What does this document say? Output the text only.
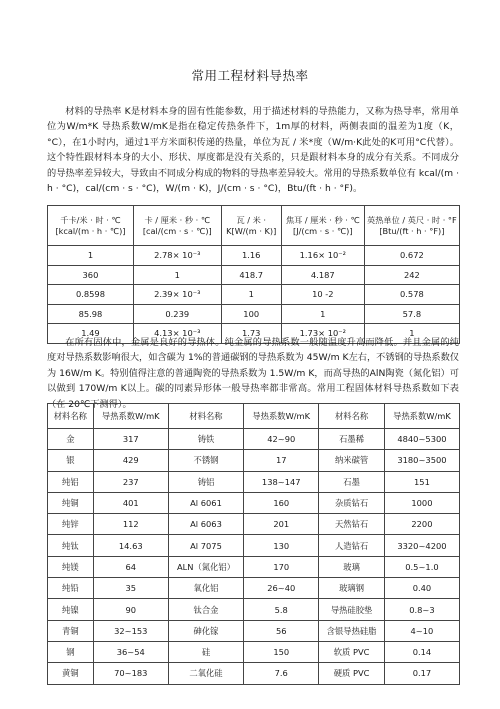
常用工程材料导热率

材料的导热率 K是材料本身的固有性能参数，用于描述材料的导热能力，又称为热导率，常用单位为W/m*K 导热系数W/mK是指在稳定传热条件下，1m厚的材料，两侧表面的温差为1度（K，°C），在1小时内，通过1平方米面积传递的热量，单位为瓦 / 米*度（W/m·K此处的K可用°C代替）。这个特性跟材料本身的大小、形状、厚度都是没有关系的，只是跟材料本身的成分有关系。不同成分的导热率差异较大，导致由不同成分构成的物料的导热率差异较大。常用的导热系数单位有 kcal/(m · h · °C)，cal/(cm · s · °C)，W/(m · K)，J/(cm · s · °C)，Btu/(ft · h · °F)。

千卡/米 · 时 · ℃ [kcal/(m · h · ℃)]	卡 / 厘米 · 秒 · ℃ [cal/(cm · s · ℃)]	瓦 / 米 · K[W/(m · K)]	焦耳 / 厘米 · 秒 · ℃ [J/(cm · s · ℃)]	英热单位 / 英尺 · 时 · °F [Btu/(ft · h · °F)]
1	2.78× 10⁻³	1.16	1.16× 10⁻²	0.672
360	1	418.7	4.187	242
0.8598	2.39× 10⁻³	1	10 -2	0.578
85.98	0.239	100	1	57.8
1.49	4.13× 10⁻³	1.73	1.73× 10⁻²	1

在所有固体中，金属是良好的导热体。纯金属的导热系数一般随温度升高而降低。并且金属的纯度对导热系数影响很大，如含碳为 1%的普通碳钢的导热系数为 45W/m K左右，不锈钢的导热系数仅为 16W/m K。特别值得注意的普通陶瓷的导热系数为 1.5W/m K，而高导热的AlN陶瓷（氮化铝）可以做到 170W/m K以上。碳的同素异形体一般导热率都非常高。常用工程固体材料导热系数如下表（在 20℃下测得）。

材料名称	导热系数W/mK	材料名称	导热系数W/mK	材料名称	导热系数W/mK
金	317	铸铁	42~90	石墨稀	4840~5300
银	429	不锈钢	17	纳米碳管	3180~3500
纯铝	237	铸铝	138~147	石墨	151
纯铜	401	Al 6061	160	杂质钻石	1000
纯锌	112	Al 6063	201	天然钻石	2200
纯钛	14.63	Al 7075	130	人造钻石	3320~4200
纯镁	64	ALN（氮化铝）	170	玻璃	0.5~1.0
纯铅	35	氧化铝	26~40	玻璃钢	0.40
纯镍	90	钛合金	5.8	导热硅胶垫	0.8~3
青铜	32~153	砷化镓	56	含银导热硅脂	4~10
钢	36~54	硅	150	软质 PVC	0.14
黄铜	70~183	二氧化硅	7.6	硬质 PVC	0.17
